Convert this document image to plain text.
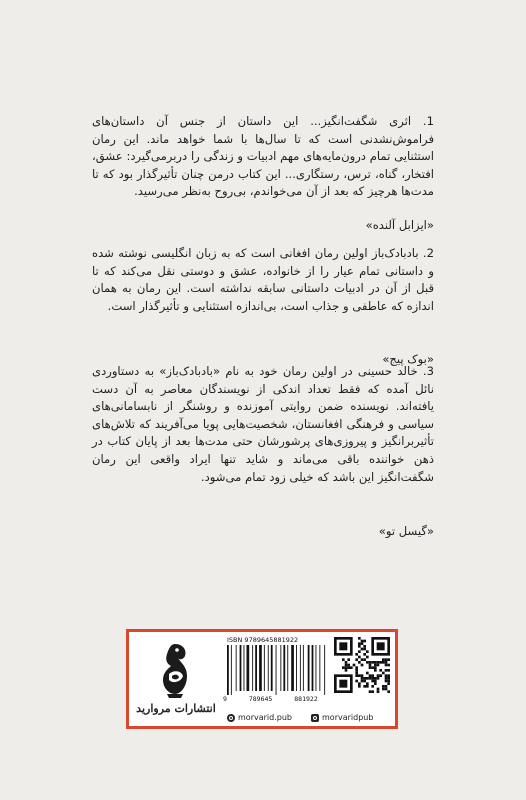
1. اثری شگفت‌انگیز... این داستان از جنس آن داستان‌های فراموش‌نشدنی است که تا سال‌ها با شما خواهد ماند. این رمان استثنایی تمام درون‌مایه‌های مهم ادبیات و زندگی را دربرمی‌گیرد: عشق، افتخار، گناه، ترس، رستگاری... این کتاب درمن چنان تأثیرگذار بود که تا مدت‌ها هرچیز که بعد از آن می‌خواندم، بی‌روح به‌نظر می‌رسید.

«ایزابل آلنده»

2. بادبادک‌باز اولین رمان افغانی است که به زبان انگلیسی نوشته شده و داستانی تمام عیار را از خانواده، عشق و دوستی نقل می‌کند که تا قبل از آن در ادبیات داستانی سابقه نداشته است. این رمان به همان اندازه که عاطفی و جذاب است، بی‌اندازه استثنایی و تأثیرگذار است.

«بوک پیج»

3. خالد حسینی در اولین رمان خود به نام «بادبادک‌باز» به دستاوردی نائل آمده که فقط تعداد اندکی از نویسندگان معاصر به آن دست یافته‌اند. نویسنده ضمن روایتی آموزنده و روشنگر از نابسامانی‌های سیاسی و فرهنگی افغانستان، شخصیت‌هایی پویا می‌آفریند که تلاش‌های تأثیربرانگیز و پیروزی‌های پرشورشان حتی مدت‌ها بعد از پایان کتاب در ذهن خواننده باقی می‌ماند و شاید تنها ایراد واقعی این رمان شگفت‌انگیز این باشد که خیلی زود تمام می‌شود.

«گیسل تو»
انتشارات مروارید
ISBN 9789645881922
9	789645	881922
morvarid.pub	morvaridpub
